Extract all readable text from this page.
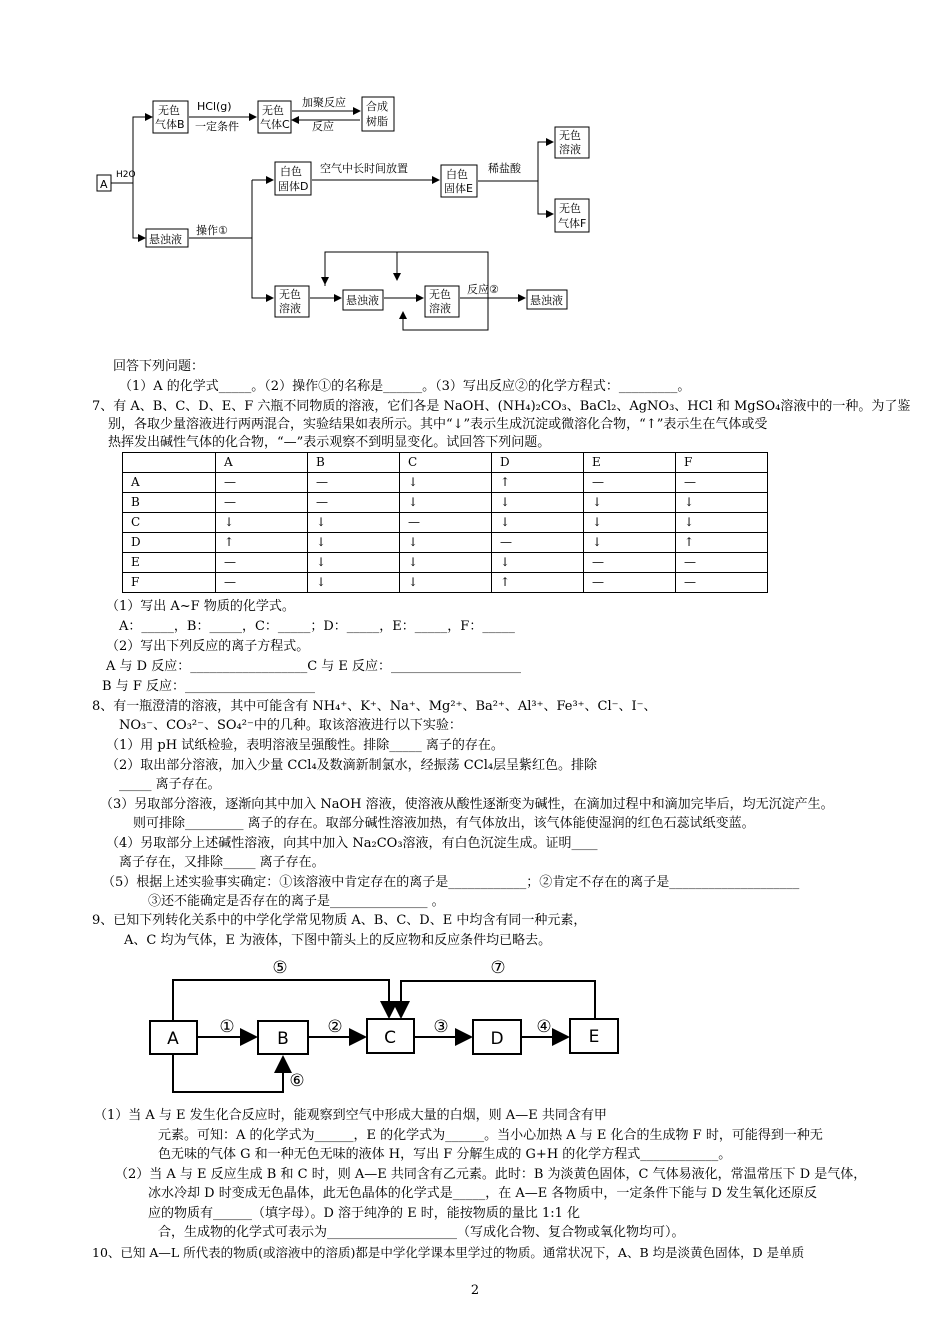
A
H2O
无色
气体B
HCl(g)
一定条件
无色
气体C
加聚反应
反应
合成
树脂
悬浊液
操作①
白色
固体D
空气中长时间放置	白色
固体E
稀盐酸
无色
溶液
无色
气体F
无色
溶液
悬浊液	无色
溶液
反应②
悬浊液
回答下列问题：
（1）A 的化学式_____。（2）操作①的名称是______。（3）写出反应②的化学方程式：_________。
7、有 A、B、C、D、E、F 六瓶不同物质的溶液，它们各是 NaOH、(NH₄)₂CO₃、BaCl₂、AgNO₃、HCl 和 MgSO₄溶液中的一种。为了鉴
别，各取少量溶液进行两两混合，实验结果如表所示。其中“↓”表示生成沉淀或微溶化合物，“↑”表示生在气体或受
热挥发出碱性气体的化合物，“—”表示观察不到明显变化。试回答下列问题。
	A	B	C	D	E	F
A	—	—	↓	↑	—	—
B	—	—	↓	↓	↓	↓
C	↓	↓	—	↓	↓	↓
D	↑	↓	↓	—	↓	↑
E	—	↓	↓	↓	—	—
F	—	↓	↓	↑	—	—
（1）写出 A~F 物质的化学式。
A：_____，B：_____，C：_____；D：_____，E：_____，F：_____
（2）写出下列反应的离子方程式。
A 与 D 反应：__________________C 与 E 反应：____________________
B 与 F 反应：____________________
8、有一瓶澄清的溶液，其中可能含有 NH₄⁺、K⁺、Na⁺、Mg²⁺、Ba²⁺、Al³⁺、Fe³⁺、Cl⁻、I⁻、
NO₃⁻、CO₃²⁻、SO₄²⁻中的几种。取该溶液进行以下实验：
（1）用 pH 试纸检验，表明溶液呈强酸性。排除_____ 离子的存在。
（2）取出部分溶液，加入少量 CCl₄及数滴新制氯水，经振荡 CCl₄层呈紫红色。排除
_____ 离子存在。
（3）另取部分溶液，逐渐向其中加入 NaOH 溶液，使溶液从酸性逐渐变为碱性，在滴加过程中和滴加完毕后，均无沉淀产生。
则可排除_________ 离子的存在。取部分碱性溶液加热，有气体放出，该气体能使湿润的红色石蕊试纸变蓝。
（4）另取部分上述碱性溶液，向其中加入 Na₂CO₃溶液，有白色沉淀生成。证明____
离子存在，又排除_____ 离子存在。
（5）根据上述实验事实确定：①该溶液中肯定存在的离子是____________；②肯定不存在的离子是____________________
③还不能确定是否存在的离子是_______________ 。
9、已知下列转化关系中的中学化学常见物质 A、B、C、D、E 中均含有同一种元素，
A、C 均为气体，E 为液体，下图中箭头上的反应物和反应条件均已略去。
A	B	C	D	E
①	②	③	④
⑤
⑥
⑦
（1）当 A 与 E 发生化合反应时，能观察到空气中形成大量的白烟，则 A—E 共同含有甲
元素。可知：A 的化学式为______，E 的化学式为______。当小心加热 A 与 E 化合的生成物 F 时，可能得到一种无
色无味的气体 G 和一种无色无味的液体 H，写出 F 分解生成的 G+H 的化学方程式____________。
（2）当 A 与 E 反应生成 B 和 C 时，则 A—E 共同含有乙元素。此时：B 为淡黄色固体，C 气体易液化，常温常压下 D 是气体，
冰水冷却 D 时变成无色晶体，此无色晶体的化学式是_____，在 A—E 各物质中，一定条件下能与 D 发生氧化还原反
应的物质有______（填字母）。D 溶于纯净的 E 时，能按物质的量比 1:1 化
合，生成物的化学式可表示为____________________（写成化合物、复合物或氧化物均可）。
10、已知 A—L 所代表的物质(或溶液中的溶质)都是中学化学课本里学过的物质。通常状况下，A、B 均是淡黄色固体，D 是单质
2
